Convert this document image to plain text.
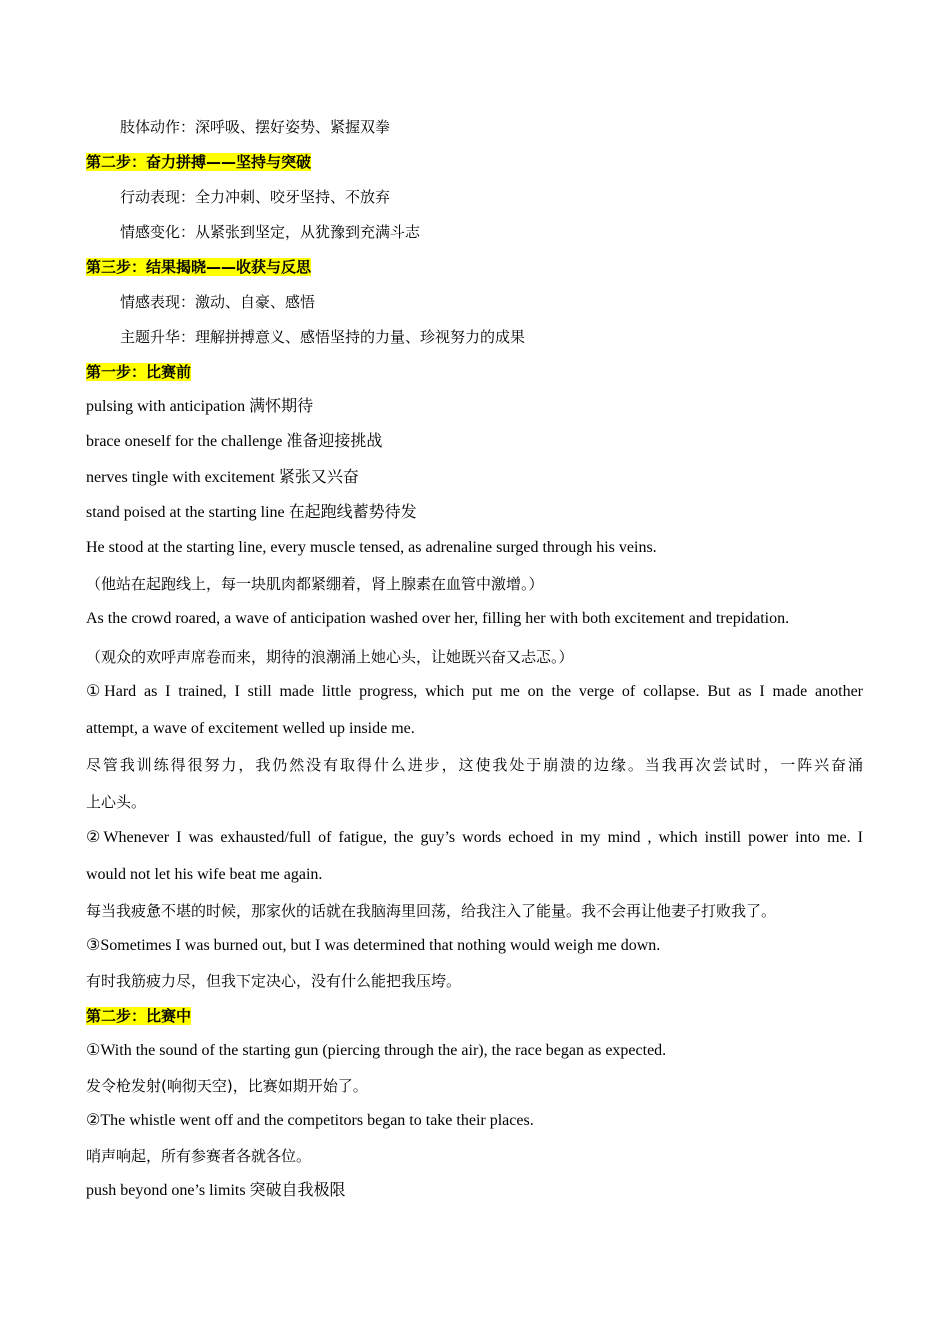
肢体动作：深呼吸、摆好姿势、紧握双拳
第二步：奋力拼搏——坚持与突破
行动表现：全力冲刺、咬牙坚持、不放弃
情感变化：从紧张到坚定，从犹豫到充满斗志
第三步：结果揭晓——收获与反思
情感表现：激动、自豪、感悟
主题升华：理解拼搏意义、感悟坚持的力量、珍视努力的成果
第一步：比赛前
pulsing with anticipation 满怀期待
brace oneself for the challenge 准备迎接挑战
nerves tingle with excitement 紧张又兴奋
stand poised at the starting line 在起跑线蓄势待发
He stood at the starting line, every muscle tensed, as adrenaline surged through his veins.
（他站在起跑线上，每一块肌肉都紧绷着，肾上腺素在血管中激增。）
As the crowd roared, a wave of anticipation washed over her, filling her with both excitement and trepidation.
（观众的欢呼声席卷而来，期待的浪潮涌上她心头，让她既兴奋又忐忑。）
①Hard as I trained, I still made little progress, which put me on the verge of collapse. But as I made another
attempt, a wave of excitement welled up inside me.
尽管我训练得很努力，我仍然没有取得什么进步，这使我处于崩溃的边缘。当我再次尝试时，一阵兴奋涌
上心头。
②Whenever I was exhausted/full of fatigue, the guy’s words echoed in my mind , which instill power into me. I
would not let his wife beat me again.
每当我疲惫不堪的时候，那家伙的话就在我脑海里回荡，给我注入了能量。我不会再让他妻子打败我了。
③Sometimes I was burned out, but I was determined that nothing would weigh me down.
有时我筋疲力尽，但我下定决心，没有什么能把我压垮。
第二步：比赛中
①With the sound of the starting gun (piercing through the air), the race began as expected.
发令枪发射(响彻天空)，比赛如期开始了。
②The whistle went off and the competitors began to take their places.
哨声响起，所有参赛者各就各位。
push beyond one’s limits 突破自我极限
